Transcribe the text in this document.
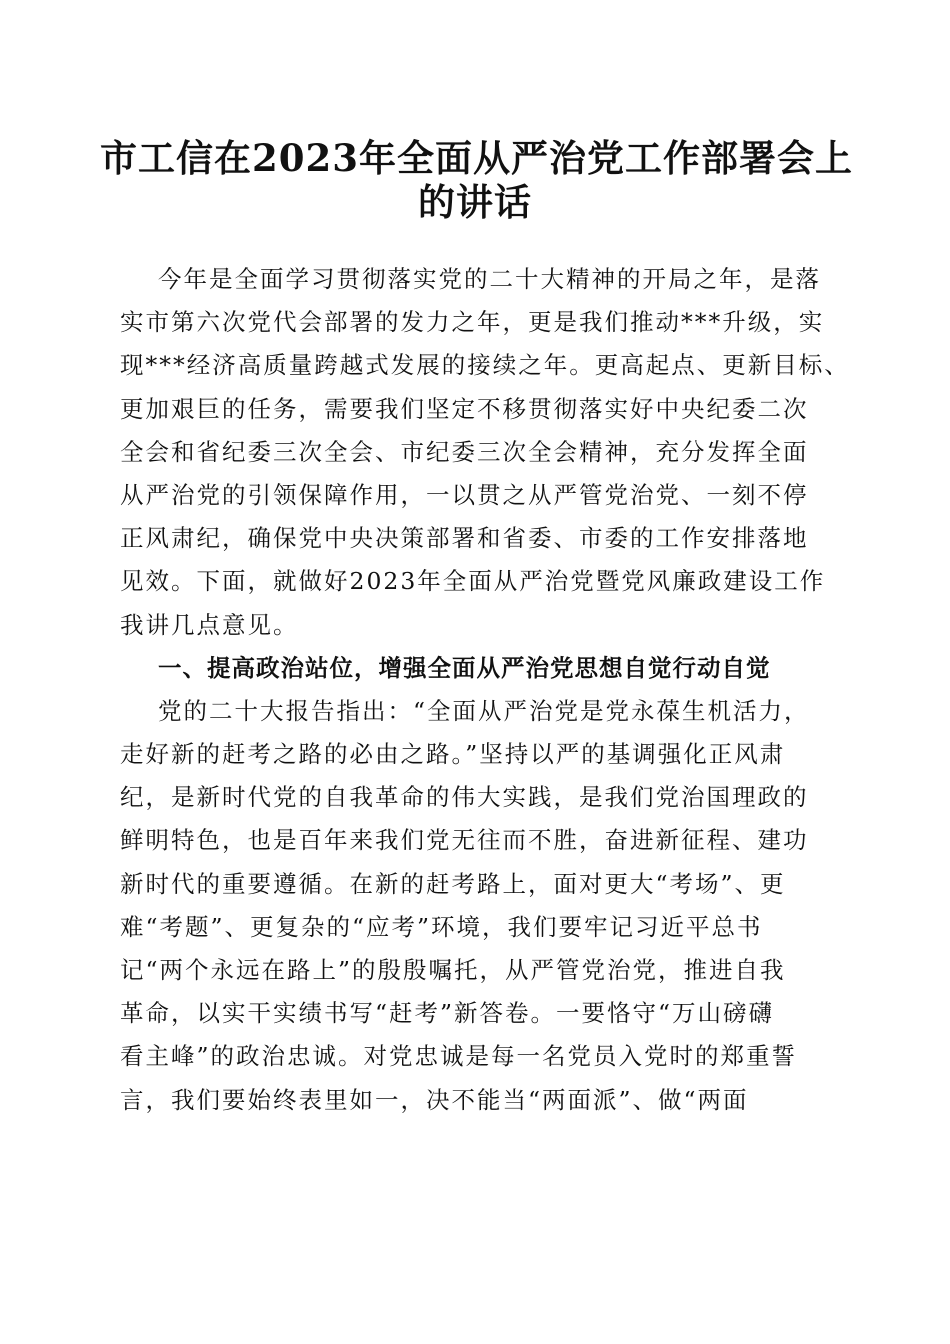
市工信在2023年全面从严治党工作部署会上
的讲话
今年是全面学习贯彻落实党的二十大精神的开局之年，是落
实市第六次党代会部署的发力之年，更是我们推动***升级，实
现***经济高质量跨越式发展的接续之年。更高起点、更新目标、
更加艰巨的任务，需要我们坚定不移贯彻落实好中央纪委二次
全会和省纪委三次全会、市纪委三次全会精神，充分发挥全面
从严治党的引领保障作用，一以贯之从严管党治党、一刻不停
正风肃纪，确保党中央决策部署和省委、市委的工作安排落地
见效。下面，就做好2023年全面从严治党暨党风廉政建设工作
我讲几点意见。
一、提高政治站位，增强全面从严治党思想自觉行动自觉
党的二十大报告指出：“全面从严治党是党永葆生机活力，
走好新的赶考之路的必由之路。”坚持以严的基调强化正风肃
纪，是新时代党的自我革命的伟大实践，是我们党治国理政的
鲜明特色，也是百年来我们党无往而不胜，奋进新征程、建功
新时代的重要遵循。在新的赶考路上，面对更大“考场”、更
难“考题”、更复杂的“应考”环境，我们要牢记习近平总书
记“两个永远在路上”的殷殷嘱托，从严管党治党，推进自我
革命，以实干实绩书写“赶考”新答卷。一要恪守“万山磅礴
看主峰”的政治忠诚。对党忠诚是每一名党员入党时的郑重誓
言，我们要始终表里如一，决不能当“两面派”、做“两面
